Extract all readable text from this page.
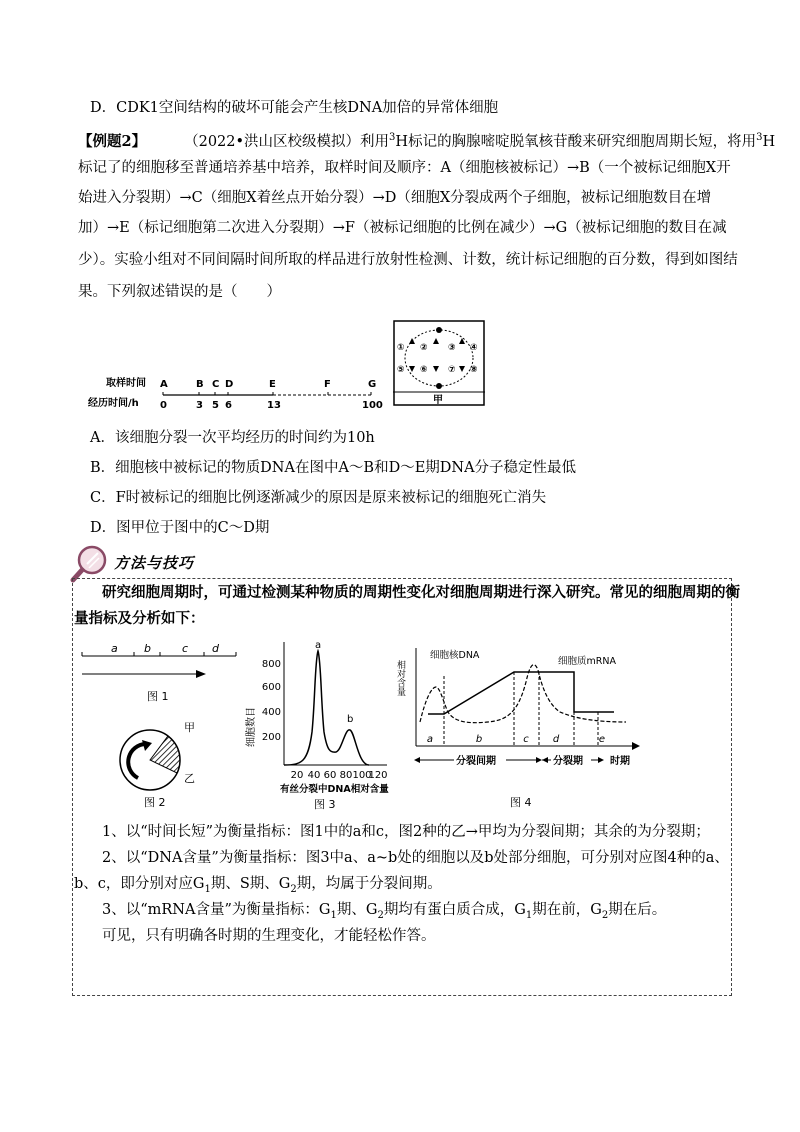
D．CDK1空间结构的破坏可能会产生核DNA加倍的异常体细胞
【例题2】	（2022•洪山区校级模拟）利用$^3$H标记的胸腺嘧啶脱氧核苷酸来研究细胞周期长短，将用$^3$H
标记了的细胞移至普通培养基中培养，取样时间及顺序：A（细胞核被标记）→B（一个被标记细胞X开
始进入分裂期）→C（细胞X着丝点开始分裂）→D（细胞X分裂成两个子细胞，被标记细胞数目在增
加）→E（标记细胞第二次进入分裂期）→F（被标记细胞的比例在减少）→G（被标记细胞的数目在减
少）。实验小组对不同间隔时间所取的样品进行放射性检测、计数，统计标记细胞的百分数，得到如图结
果。下列叙述错误的是（　　）
取样时间
经历时间/h
A	B C D	E	F	G
0	3 5 6	13	100
① ② ③ ④
⑤ ⑥ ⑦ ⑧
甲
A．该细胞分裂一次平均经历的时间约为10h
B．细胞核中被标记的物质DNA在图中A～B和D～E期DNA分子稳定性最低
C．F时被标记的细胞比例逐渐减少的原因是原来被标记的细胞死亡消失
D．图甲位于图中的C～D期
方法与技巧
研究细胞周期时，可通过检测某种物质的周期性变化对细胞周期进行深入研究。常见的细胞周期的衡
量指标及分析如下：
a b	c d
图 1
甲
乙
图 2
细胞数目
800
600
400
200
a
b
20 40 60 80 100
120
有丝分裂中DNA相对含量
图 3
相对含量
细胞核DNA
细胞质mRNA
a	b	c d	e
分裂间期	分裂期	时期
图 4
1、以“时间长短”为衡量指标：图1中的a和c，图2种的乙→甲均为分裂间期；其余的为分裂期；
2、以“DNA含量”为衡量指标：图3中a、a~b处的细胞以及b处部分细胞，可分别对应图4种的a、
b、c，即分别对应$G_1$期、S期、$G_2$期，均属于分裂间期。
3、以“mRNA含量”为衡量指标：$G_1$期、$G_2$期均有蛋白质合成，$G_1$期在前，$G_2$期在后。
可见，只有明确各时期的生理变化，才能轻松作答。
